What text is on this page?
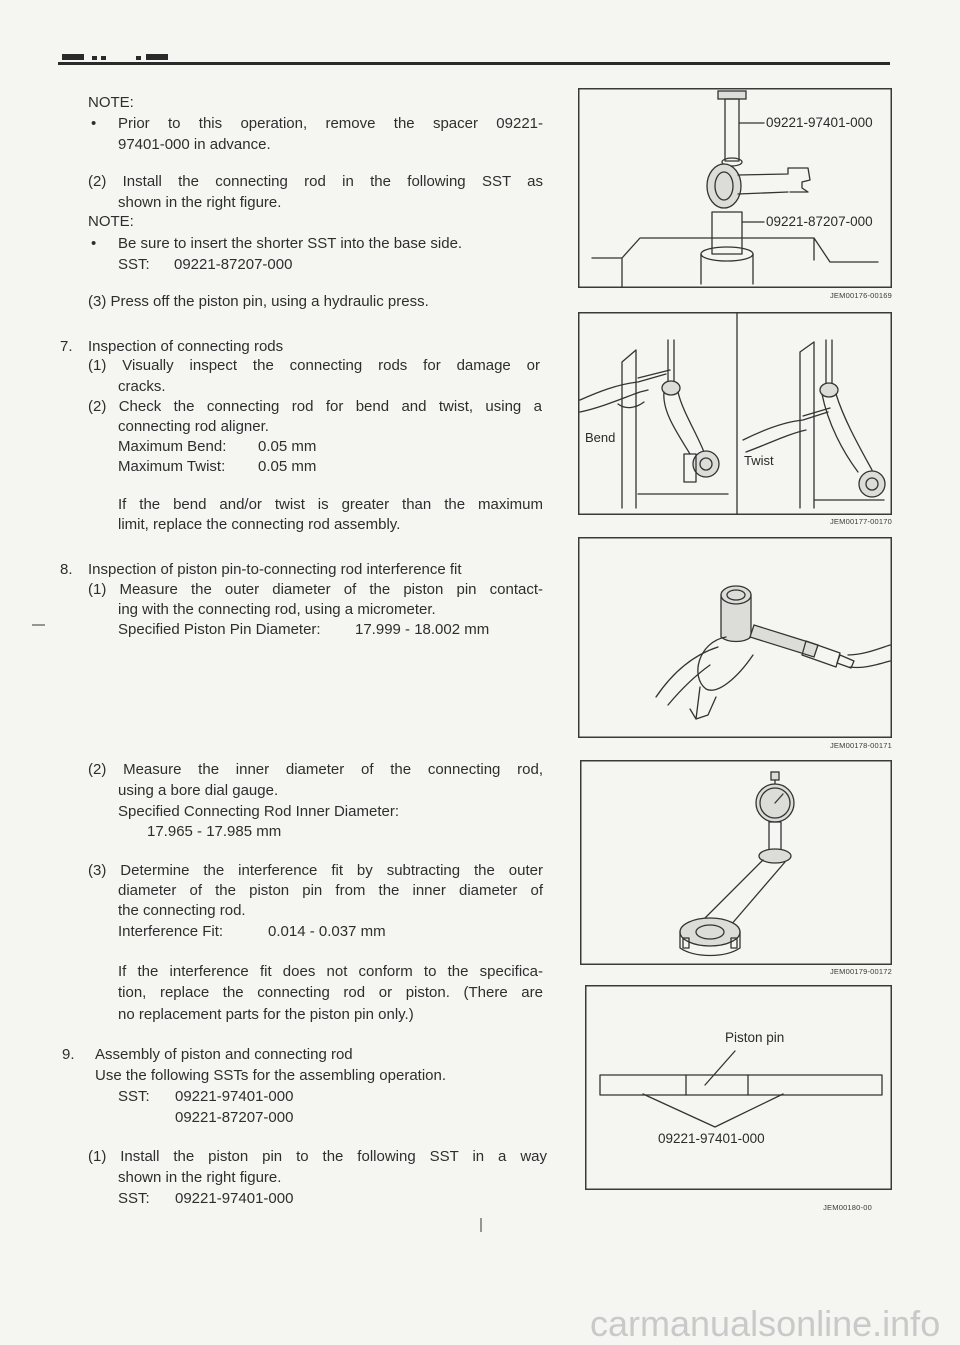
NOTE:
• Prior to this operation, remove the spacer 09221-
97401-000 in advance.
(2) Install the connecting rod in the following SST as
shown in the right figure.
NOTE:
• Be sure to insert the shorter SST into the base side.
SST: 09221-87207-000
(3) Press off the piston pin, using a hydraulic press.
7. Inspection of connecting rods
(1) Visually inspect the connecting rods for damage or
cracks.
(2) Check the connecting rod for bend and twist, using a
connecting rod aligner.
Maximum Bend: 0.05 mm
Maximum Twist: 0.05 mm
If the bend and/or twist is greater than the maximum
limit, replace the connecting rod assembly.
8. Inspection of piston pin-to-connecting rod interference fit
(1) Measure the outer diameter of the piston pin contact-
ing with the connecting rod, using a micrometer.
Specified Piston Pin Diameter: 17.999 - 18.002 mm
(2) Measure the inner diameter of the connecting rod,
using a bore dial gauge.
Specified Connecting Rod Inner Diameter:
17.965 - 17.985 mm
(3) Determine the interference fit by subtracting the outer
diameter of the piston pin from the inner diameter of
the connecting rod.
Interference Fit:	0.014 - 0.037 mm
If the interference fit does not conform to the specifica-
tion, replace the connecting rod or piston. (There are
no replacement parts for the piston pin only.)
9. Assembly of piston and connecting rod
Use the following SSTs for the assembling operation.
SST: 09221-97401-000
09221-87207-000
(1) Install the piston pin to the following SST in a way
shown in the right figure.
SST: 09221-97401-000
09221-97401-000
09221-87207-000
JEM00176-00169
Bend
Twist
JEM00177-00170
JEM00178-00171
JEM00179-00172
Piston pin
09221-97401-000
JEM00180-00
carmanualsonline.info
